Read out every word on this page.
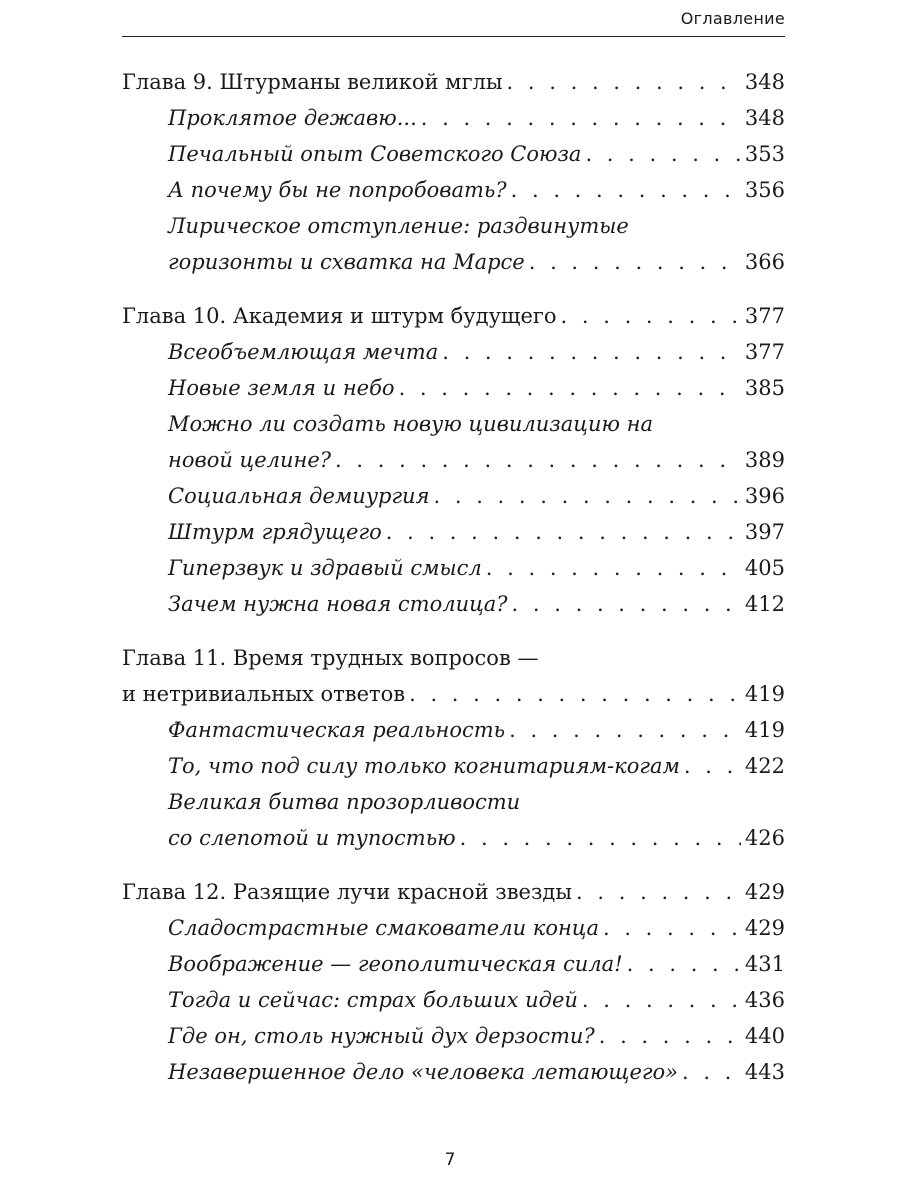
Оглавление
Глава 9. Штурманы великой мглы . . .	348
Проклятое дежавю... . . .	348
Печальный опыт Советского Союза . . .	353
А почему бы не попробовать? . . .	356
Лирическое отступление: раздвинутые
горизонты и схватка на Марсе . . .	366
Глава 10. Академия и штурм будущего . . .	377
Всеобъемлющая мечта . . .	377
Новые земля и небо . . .	385
Можно ли создать новую цивилизацию на
новой целине? . . .	389
Социальная демиургия . . .	396
Штурм грядущего . . .	397
Гиперзвук и здравый смысл . . .	405
Зачем нужна новая столица? . . .	412
Глава 11. Время трудных вопросов —
и нетривиальных ответов . . .	419
Фантастическая реальность . . .	419
То, что под силу только когнитариям-когам . . .	422
Великая битва прозорливости
со слепотой и тупостью . . .	426
Глава 12. Разящие лучи красной звезды . . .	429
Сладострастные смакователи конца . . .	429
Воображение — геополитическая сила! . . .	431
Тогда и сейчас: страх больших идей . . .	436
Где он, столь нужный дух дерзости? . . .	440
Незавершенное дело «человека летающего» . . .	443
7
